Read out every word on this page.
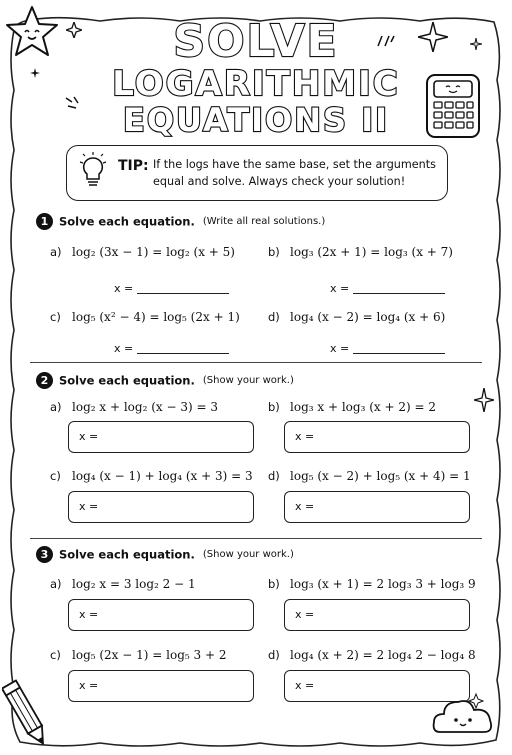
SOLVE
LOGARITHMIC
EQUATIONS II
TIP: If the logs have the same base, set the arguments equal and solve. Always check your solution!
1 Solve each equation. (Write all real solutions.)
a) log₂ (3x − 1) = log₂ (x + 5)	b) log₃ (2x + 1) = log₃ (x + 7)
x =	x =
c) log₅ (x² − 4) = log₅ (2x + 1) d) log₄ (x − 2) = log₄ (x + 6)
x =	x =
2 Solve each equation. (Show your work.)
a) log₂ x + log₂ (x − 3) = 3	b) log₃ x + log₃ (x + 2) = 2
x =	x =
c) log₄ (x − 1) + log₄ (x + 3) = 3 d) log₅ (x − 2) + log₅ (x + 4) = 1
x =	x =
3 Solve each equation. (Show your work.)
a) log₂ x = 3 log₂ 2 − 1	b) log₃ (x + 1) = 2 log₃ 3 + log₃ 9
x =	x =
c) log₅ (2x − 1) = log₅ 3 + 2	d) log₄ (x + 2) = 2 log₄ 2 − log₄ 8
x =	x =
